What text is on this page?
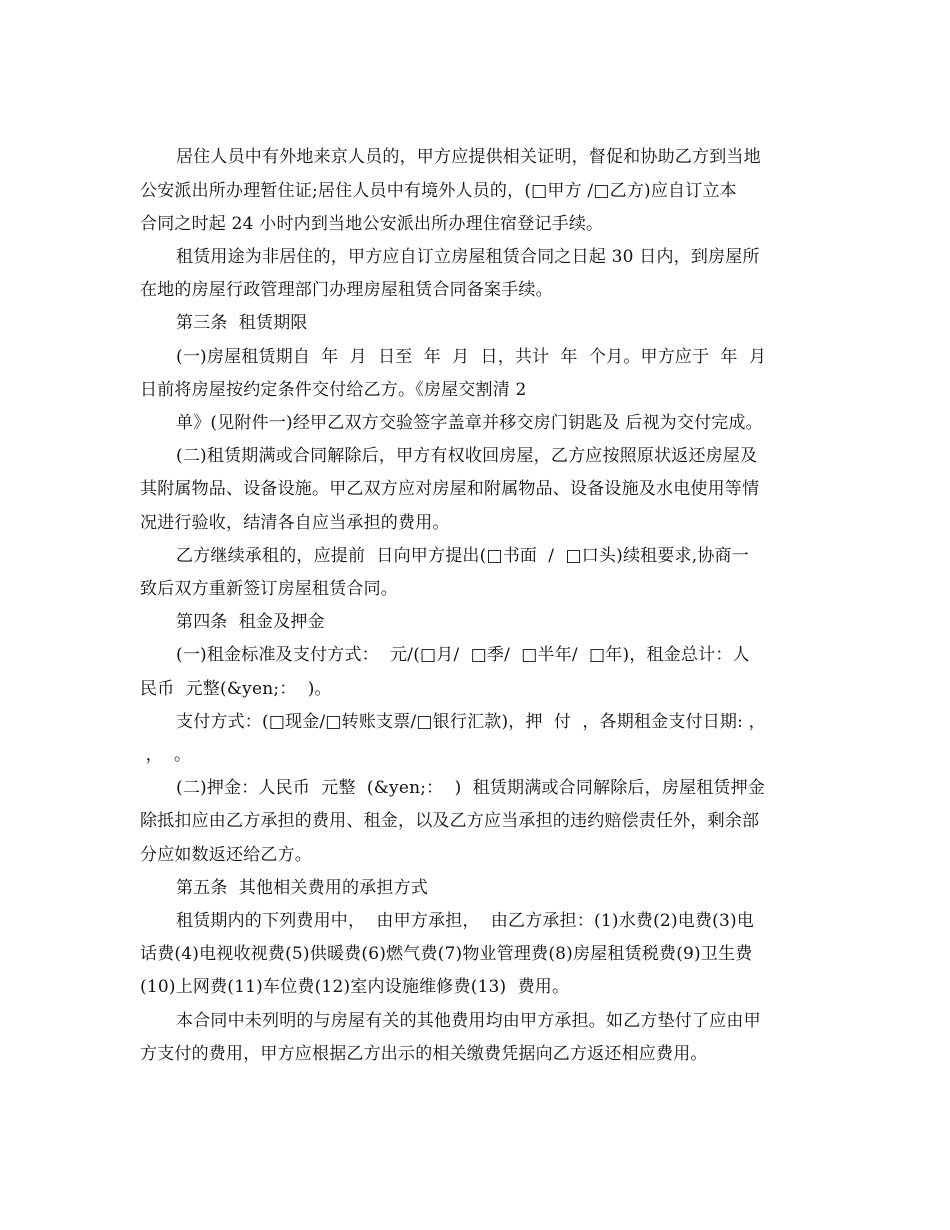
居住人员中有外地来京人员的，甲方应提供相关证明，督促和协助乙方到当地
公安派出所办理暂住证;居住人员中有境外人员的，(□甲方 /□乙方)应自订立本
合同之时起 24 小时内到当地公安派出所办理住宿登记手续。
租赁用途为非居住的，甲方应自订立房屋租赁合同之日起 30 日内，到房屋所
在地的房屋行政管理部门办理房屋租赁合同备案手续。
第三条  租赁期限
(一)房屋租赁期自  年  月  日至  年  月  日，共计  年  个月。甲方应于  年  月
日前将房屋按约定条件交付给乙方。《房屋交割清 2
单》(见附件一)经甲乙双方交验签字盖章并移交房门钥匙及 后视为交付完成。
(二)租赁期满或合同解除后，甲方有权收回房屋，乙方应按照原状返还房屋及
其附属物品、设备设施。甲乙双方应对房屋和附属物品、设备设施及水电使用等情
况进行验收，结清各自应当承担的费用。
乙方继续承租的，应提前  日向甲方提出(□书面  /  □口头)续租要求,协商一
致后双方重新签订房屋租赁合同。
第四条  租金及押金
(一)租金标准及支付方式：  元/(□月/  □季/  □半年/  □年)，租金总计：人
民币  元整(&yen;：  )。
支付方式：(□现金/□转账支票/□银行汇款)，押  付  ，各期租金支付日期: ，
，  。
(二)押金：人民币  元整  (&yen;：  )  租赁期满或合同解除后，房屋租赁押金
除抵扣应由乙方承担的费用、租金，以及乙方应当承担的违约赔偿责任外，剩余部
分应如数返还给乙方。
第五条  其他相关费用的承担方式
租赁期内的下列费用中，  由甲方承担，  由乙方承担：(1)水费(2)电费(3)电
话费(4)电视收视费(5)供暖费(6)燃气费(7)物业管理费(8)房屋租赁税费(9)卫生费
(10)上网费(11)车位费(12)室内设施维修费(13)  费用。
本合同中未列明的与房屋有关的其他费用均由甲方承担。如乙方垫付了应由甲
方支付的费用，甲方应根据乙方出示的相关缴费凭据向乙方返还相应费用。
